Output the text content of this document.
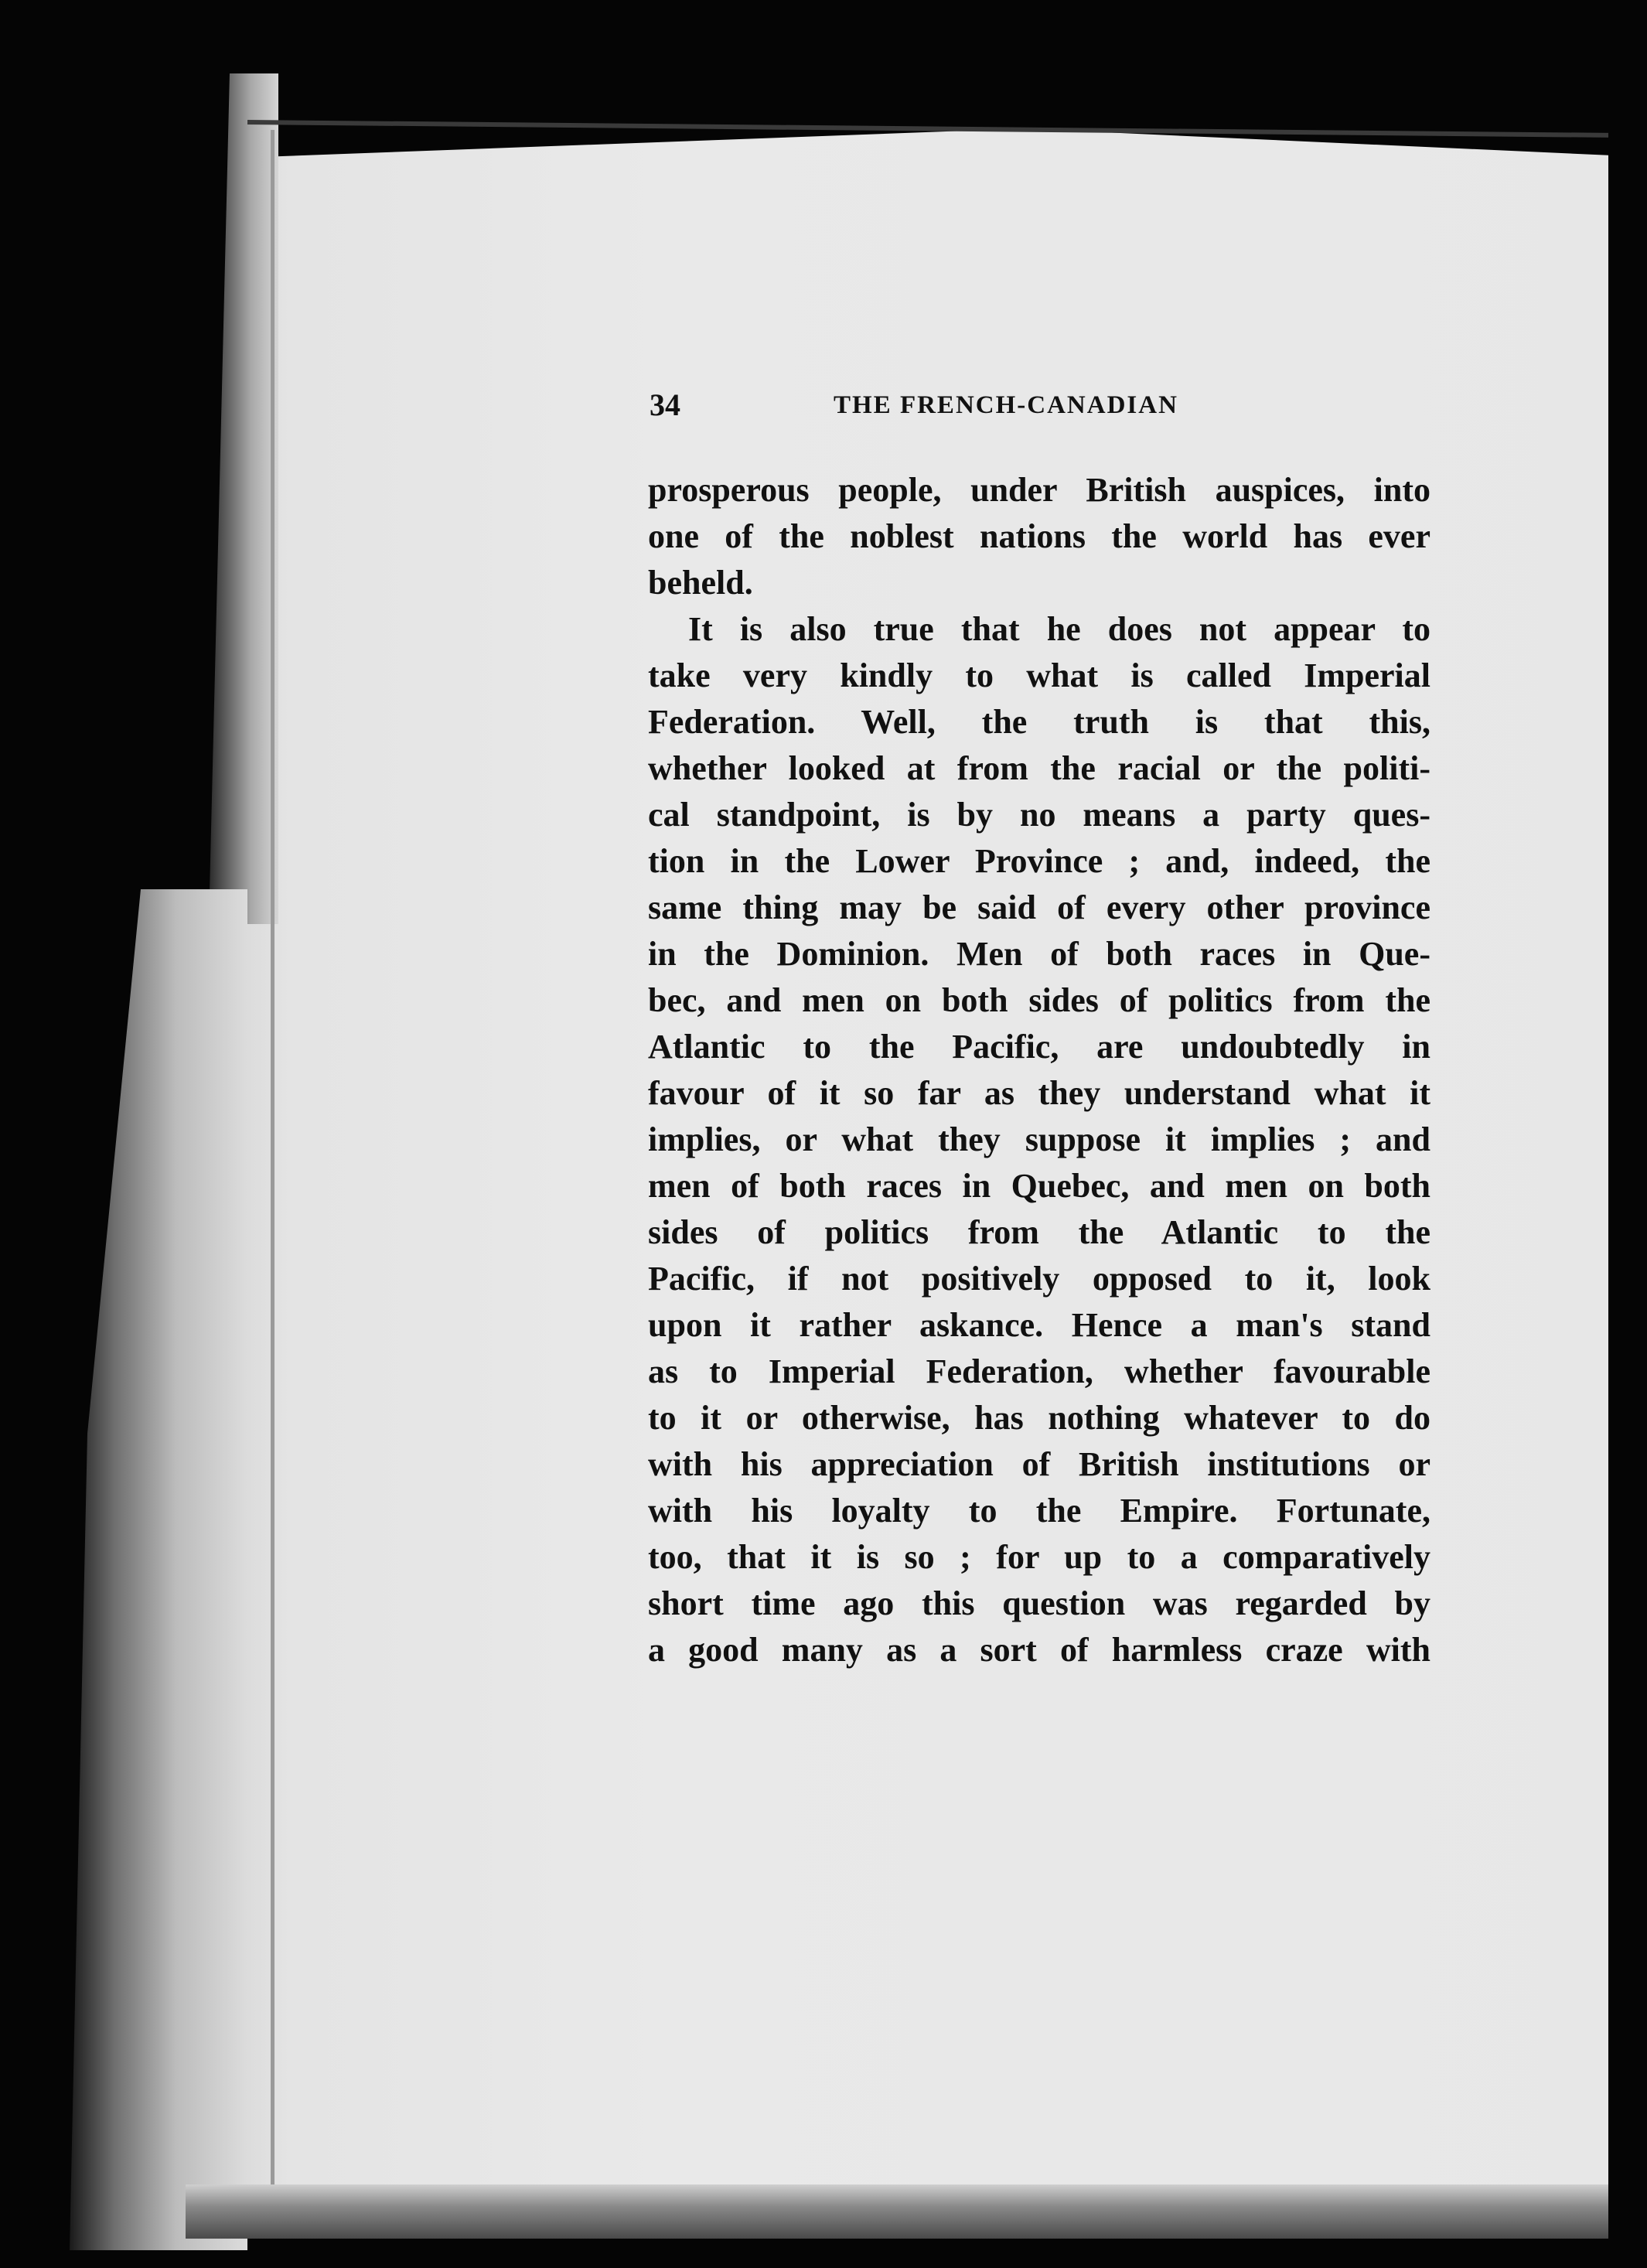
34	THE FRENCH-CANADIAN
prosperous people, under British auspices, into
one of the noblest nations the world has ever
beheld.
It is also true that he does not appear to
take very kindly to what is called Imperial
Federation. Well, the truth is that this,
whether looked at from the racial or the politi-
cal standpoint, is by no means a party ques-
tion in the Lower Province ; and, indeed, the
same thing may be said of every other province
in the Dominion. Men of both races in Que-
bec, and men on both sides of politics from the
Atlantic to the Pacific, are undoubtedly in
favour of it so far as they understand what it
implies, or what they suppose it implies ; and
men of both races in Quebec, and men on both
sides of politics from the Atlantic to the
Pacific, if not positively opposed to it, look
upon it rather askance. Hence a man's stand
as to Imperial Federation, whether favourable
to it or otherwise, has nothing whatever to do
with his appreciation of British institutions or
with his loyalty to the Empire. Fortunate,
too, that it is so ; for up to a comparatively
short time ago this question was regarded by
a good many as a sort of harmless craze with
